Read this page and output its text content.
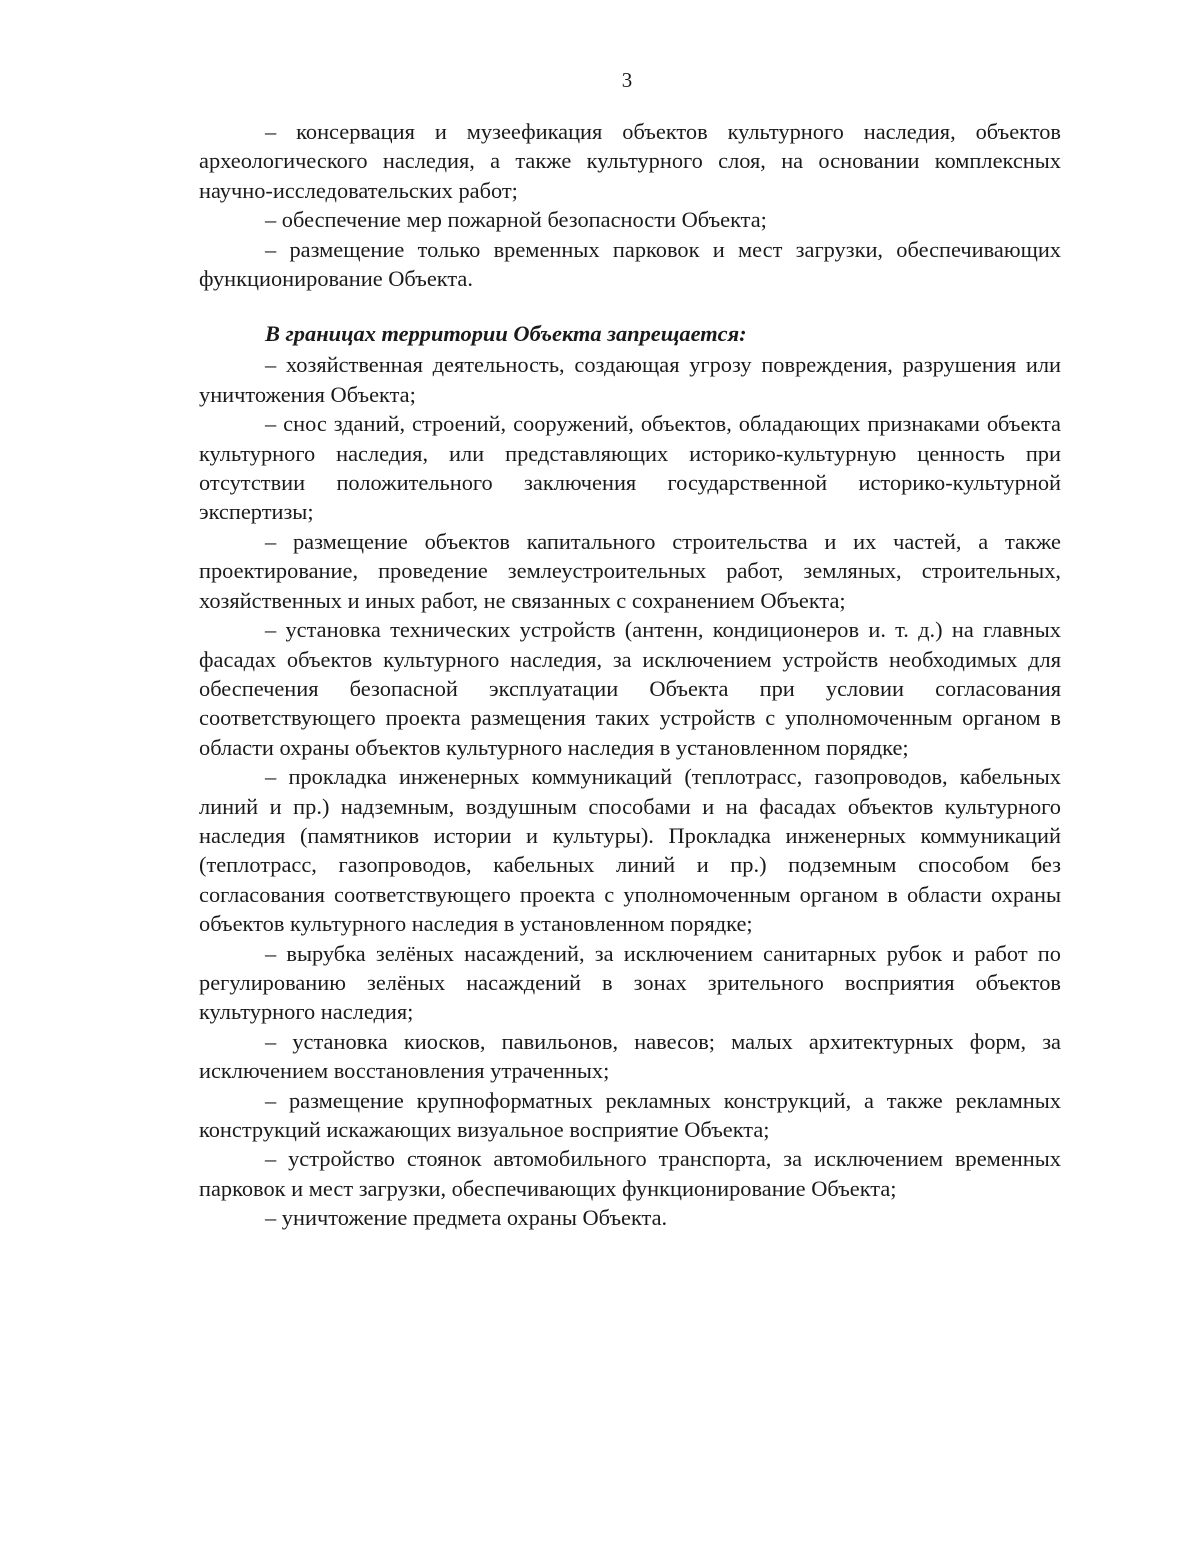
3

– консервация и музеефикация объектов культурного наследия, объектов археологического наследия, а также культурного слоя, на основании комплексных научно-исследовательских работ;

– обеспечение мер пожарной безопасности Объекта;

– размещение только временных парковок и мест загрузки, обеспечивающих функционирование Объекта.

В границах территории Объекта запрещается:

– хозяйственная деятельность, создающая угрозу повреждения, разрушения или уничтожения Объекта;

– снос зданий, строений, сооружений, объектов, обладающих признаками объекта культурного наследия, или представляющих историко-культурную ценность при отсутствии положительного заключения государственной историко-культурной экспертизы;

– размещение объектов капитального строительства и их частей, а также проектирование, проведение землеустроительных работ, земляных, строительных, хозяйственных и иных работ, не связанных с сохранением Объекта;

– установка технических устройств (антенн, кондиционеров и. т. д.) на главных фасадах объектов культурного наследия, за исключением устройств необходимых для обеспечения безопасной эксплуатации Объекта при условии согласования соответствующего проекта размещения таких устройств с уполномоченным органом в области охраны объектов культурного наследия в установленном порядке;

– прокладка инженерных коммуникаций (теплотрасс, газопроводов, кабельных линий и пр.) надземным, воздушным способами и на фасадах объектов культурного наследия (памятников истории и культуры). Прокладка инженерных коммуникаций (теплотрасс, газопроводов, кабельных линий и пр.) подземным способом без согласования соответствующего проекта с уполномоченным органом в области охраны объектов культурного наследия в установленном порядке;

– вырубка зелёных насаждений, за исключением санитарных рубок и работ по регулированию зелёных насаждений в зонах зрительного восприятия объектов культурного наследия;

– установка киосков, павильонов, навесов; малых архитектурных форм, за исключением восстановления утраченных;

– размещение крупноформатных рекламных конструкций, а также рекламных конструкций искажающих визуальное восприятие Объекта;

– устройство стоянок автомобильного транспорта, за исключением временных парковок и мест загрузки, обеспечивающих функционирование Объекта;

– уничтожение предмета охраны Объекта.
